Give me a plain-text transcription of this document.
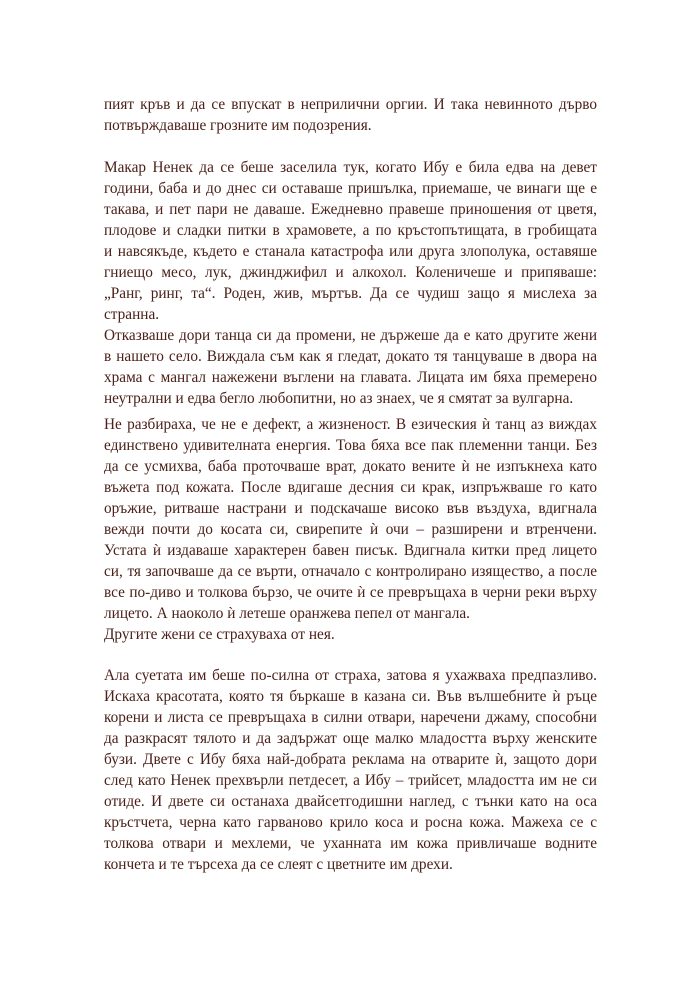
пият кръв и да се впускат в неприлични оргии. И така невинното дърво
потвърждаваше грозните им подозрения.
Макар Ненек да се беше заселила тук, когато Ибу е била едва на девет
години, баба и до днес си оставаше пришълка, приемаше, че винаги ще е
такава, и пет пари не даваше. Ежедневно правеше приношения от цветя,
плодове и сладки питки в храмовете, а по кръстопътищата, в гробищата
и навсякъде, където е станала катастрофа или друга злополука, оставяше
гниещо месо, лук, джинджифил и алкохол. Коленичеше и припяваше:
„Ранг, ринг, та“. Роден, жив, мъртъв. Да се чудиш защо я мислеха за
странна.
Отказваше дори танца си да промени, не държеше да е като другите жени
в нашето село. Виждала съм как я гледат, докато тя танцуваше в двора на
храма с мангал нажежени въглени на главата. Лицата им бяха премерено
неутрални и едва бегло любопитни, но аз знаех, че я смятат за вулгарна.
Не разбираха, че не е дефект, а жизненост. В езическия ѝ танц аз виждах
единствено удивителната енергия. Това бяха все пак племенни танци. Без
да се усмихва, баба проточваше врат, докато вените ѝ не изпъкнеха като
въжета под кожата. После вдигаше десния си крак, изпръжваше го като
оръжие, ритваше настрани и подскачаше високо във въздуха, вдигнала
вежди почти до косата си, свирепите ѝ очи – разширени и втренчени.
Устата ѝ издаваше характерен бавен писък. Вдигнала китки пред лицето
си, тя започваше да се върти, отначало с контролирано изящество, а после
все по-диво и толкова бързо, че очите ѝ се превръщаха в черни реки върху
лицето. А наоколо ѝ летеше оранжева пепел от мангала.
Другите жени се страхуваха от нея.
Ала суетата им беше по-силна от страха, затова я ухажваха предпазливо.
Искаха красотата, която тя бъркаше в казана си. Във вълшебните ѝ ръце
корени и листа се превръщаха в силни отвари, наречени джаму, способни
да разкрасят тялото и да задържат още малко младостта върху женските
бузи. Двете с Ибу бяха най-добрата реклама на отварите ѝ, защото дори
след като Ненек прехвърли петдесет, а Ибу – трийсет, младостта им не си
отиде. И двете си останаха двайсетгодишни наглед, с тънки като на оса
кръстчета, черна като гарваново крило коса и росна кожа. Мажеха се с
толкова отвари и мехлеми, че уханната им кожа привличаше водните
кончета и те търсеха да се слеят с цветните им дрехи.
